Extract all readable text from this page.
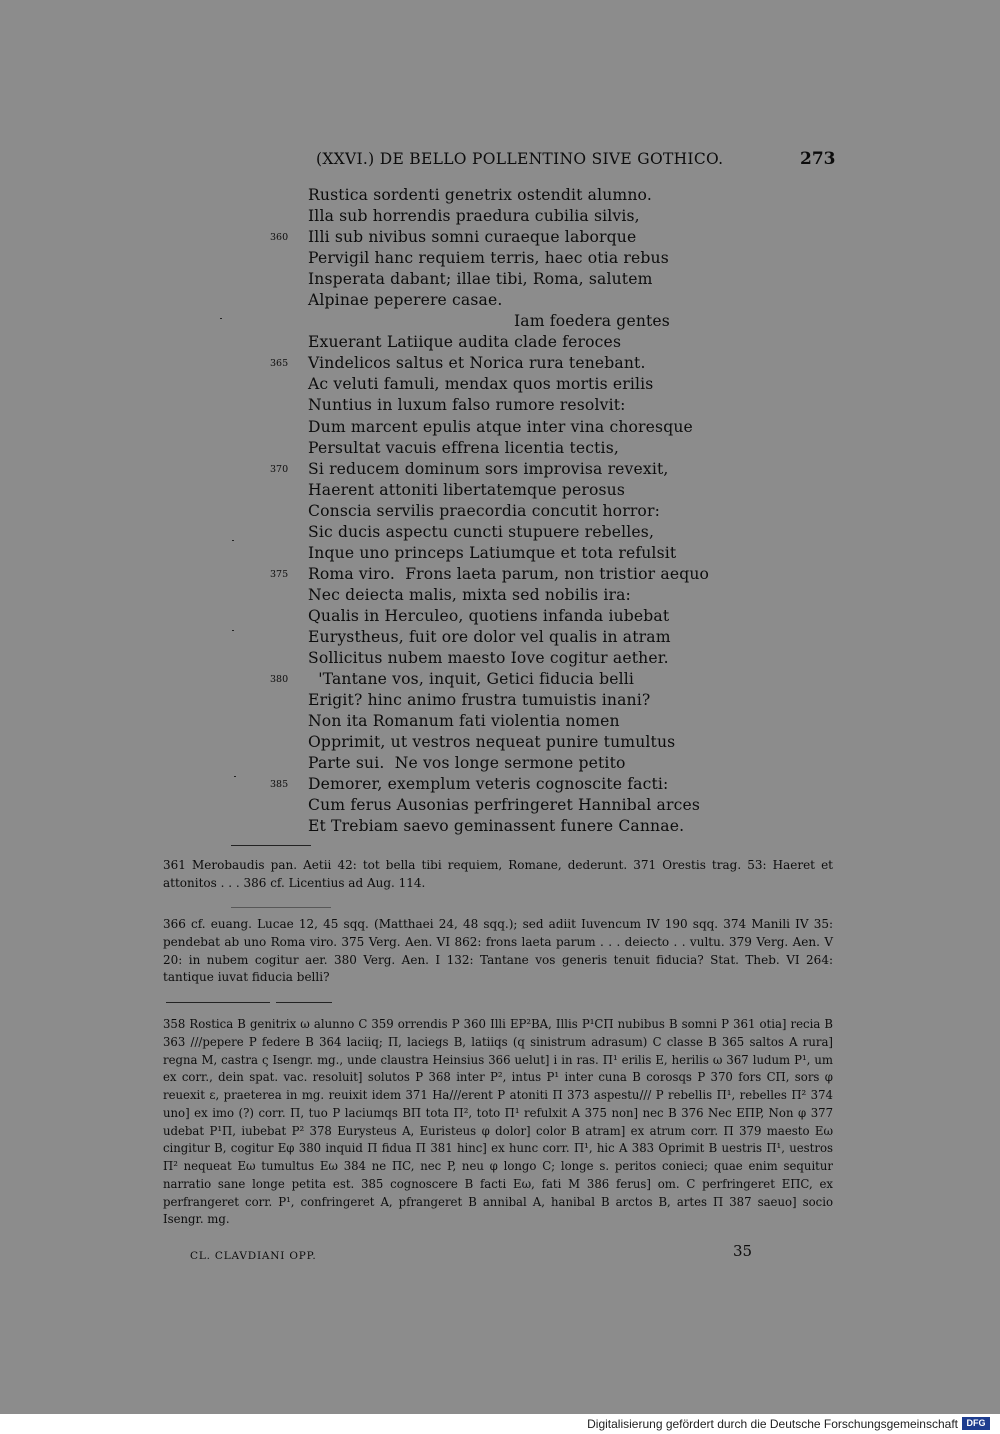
(XXVI.) DE BELLO POLLENTINO SIVE GOTHICO.	273
Rustica sordenti genetrix ostendit alumno.
Illa sub horrendis praedura cubilia silvis,
360 Illi sub nivibus somni curaeque laborque
Pervigil hanc requiem terris, haec otia rebus
Insperata dabant; illae tibi, Roma, salutem
Alpinae peperere casae.
Iam foedera gentes
Exuerant Latiique audita clade feroces
365 Vindelicos saltus et Norica rura tenebant.
Ac veluti famuli, mendax quos mortis erilis
Nuntius in luxum falso rumore resolvit:
Dum marcent epulis atque inter vina choresque
Persultat vacuis effrena licentia tectis,
370 Si reducem dominum sors improvisa revexit,
Haerent attoniti libertatemque perosus
Conscia servilis praecordia concutit horror:
Sic ducis aspectu cuncti stupuere rebelles,
Inque uno princeps Latiumque et tota refulsit
375 Roma viro.  Frons laeta parum, non tristior aequo
Nec deiecta malis, mixta sed nobilis ira:
Qualis in Herculeo, quotiens infanda iubebat
Eurystheus, fuit ore dolor vel qualis in atram
Sollicitus nubem maesto Iove cogitur aether.
380 'Tantane vos, inquit, Getici fiducia belli
Erigit? hinc animo frustra tumuistis inani?
Non ita Romanum fati violentia nomen
Opprimit, ut vestros nequeat punire tumultus
Parte sui.  Ne vos longe sermone petito
385 Demorer, exemplum veteris cognoscite facti:
Cum ferus Ausonias perfringeret Hannibal arces
Et Trebiam saevo geminassent funere Cannae.

361 Merobaudis pan. Aetii 42: tot bella tibi requiem, Romane, dederunt. 371 Orestis trag. 53: Haeret et attonitos . . . 386 cf. Licentius ad Aug. 114.

366 cf. euang. Lucae 12, 45 sqq. (Matthaei 24, 48 sqq.); sed adiit Iuvencum IV 190 sqq. 374 Manili IV 35: pendebat ab uno Roma viro. 375 Verg. Aen. VI 862: frons laeta parum . . . deiecto . . vultu. 379 Verg. Aen. V 20: in nubem cogitur aer. 380 Verg. Aen. I 132: Tantane vos generis tenuit fiducia? Stat. Theb. VI 264: tantique iuvat fiducia belli?

358 Rostica B genitrix ω alunno C 359 orrendis P 360 Illi EP²BA, Illis P¹CΠ nubibus B somni P 361 otia] recia B 363 ///pepere P federe B 364 laciiq; Π, laciegs B, latiiqs (q sinistrum adrasum) C classe B 365 saltos A rura] regna M, castra ς Isengr. mg., unde claustra Heinsius 366 uelut] i in ras. Π¹ erilis E, herilis ω 367 ludum P¹, um ex corr., dein spat. vac. resoluit] solutos P 368 inter P², intus P¹ inter cuna B corosqs P 370 fors CΠ, sors φ reuexit ε, praeterea in mg. reuixit idem 371 Ha///erent P atoniti Π 373 aspestu/// P rebellis Π¹, rebelles Π² 374 uno] ex imo (?) corr. Π, tuo P laciumqs BΠ tota Π², toto Π¹ refulxit A 375 non] nec B 376 Nec EΠP, Non φ 377 udebat P¹Π, iubebat P² 378 Eurysteus A, Euristeus φ dolor] color B atram] ex atrum corr. Π 379 maesto Eω cingitur B, cogitur Eφ 380 inquid Π fidua Π 381 hinc] ex hunc corr. Π¹, hic A 383 Oprimit B uestris Π¹, uestros Π² nequeat Eω tumultus Eω 384 ne ΠC, nec P, neu φ longo C; longe s. peritos conieci; quae enim sequitur narratio sane longe petita est. 385 cognoscere B facti Eω, fati M 386 ferus] om. C perfringeret EΠC, ex perfrangeret corr. P¹, confringeret A, pfrangeret B annibal A, hanibal B arctos B, artes Π 387 saeuo] socio Isengr. mg.

CL. CLAVDIANI OPP.	35
Digitalisierung gefördert durch die Deutsche Forschungsgemeinschaft DFG
